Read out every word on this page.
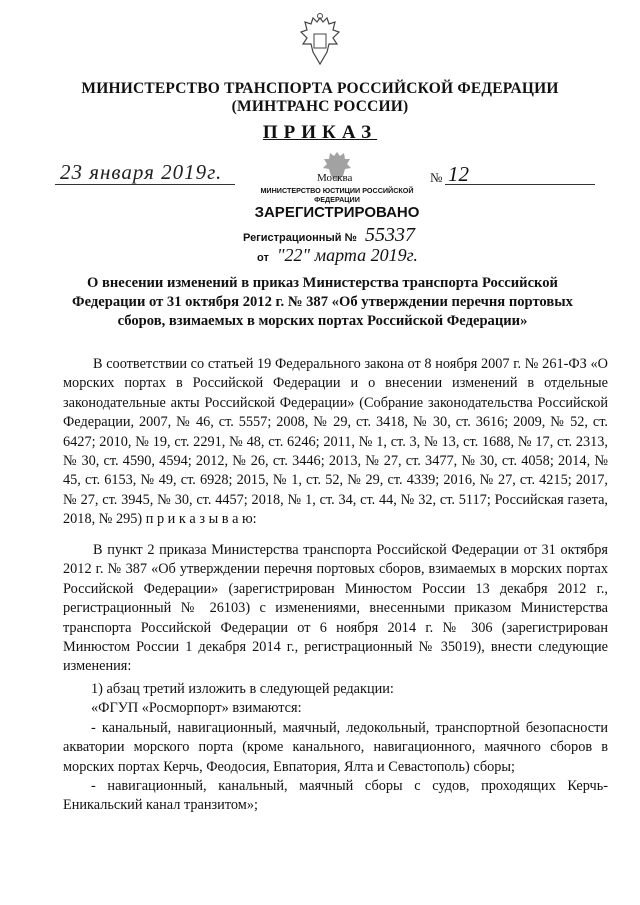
МИНИСТЕРСТВО ТРАНСПОРТА РОССИЙСКОЙ ФЕДЕРАЦИИ
(МИНТРАНС РОССИИ)
ПРИКАЗ
23 января 2019г.	№ 12
Москва
МИНИСТЕРСТВО ЮСТИЦИИ РОССИЙСКОЙ ФЕДЕРАЦИИ
ЗАРЕГИСТРИРОВАНО
Регистрационный № 55337
от "22" марта 2019г.
О внесении изменений в приказ Министерства транспорта Российской Федерации от 31 октября 2012 г. № 387 «Об утверждении перечня портовых сборов, взимаемых в морских портах Российской Федерации»
В соответствии со статьей 19 Федерального закона от 8 ноября 2007 г. № 261-ФЗ «О морских портах в Российской Федерации и о внесении изменений в отдельные законодательные акты Российской Федерации» (Собрание законодательства Российской Федерации, 2007, № 46, ст. 5557; 2008, № 29, ст. 3418, № 30, ст. 3616; 2009, № 52, ст. 6427; 2010, № 19, ст. 2291, № 48, ст. 6246; 2011, № 1, ст. 3, № 13, ст. 1688, № 17, ст. 2313, № 30, ст. 4590, 4594; 2012, № 26, ст. 3446; 2013, № 27, ст. 3477, № 30, ст. 4058; 2014, № 45, ст. 6153, № 49, ст. 6928; 2015, № 1, ст. 52, № 29, ст. 4339; 2016, № 27, ст. 4215; 2017, № 27, ст. 3945, № 30, ст. 4457; 2018, № 1, ст. 34, ст. 44, № 32, ст. 5117; Российская газета, 2018, № 295) п р и к а з ы в а ю:
В пункт 2 приказа Министерства транспорта Российской Федерации от 31 октября 2012 г. № 387 «Об утверждении перечня портовых сборов, взимаемых в морских портах Российской Федерации» (зарегистрирован Минюстом России 13 декабря 2012 г., регистрационный № 26103) с изменениями, внесенными приказом Министерства транспорта Российской Федерации от 6 ноября 2014 г. № 306 (зарегистрирован Минюстом России 1 декабря 2014 г., регистрационный № 35019), внести следующие изменения:
1) абзац третий изложить в следующей редакции:
«ФГУП «Росморпорт» взимаются:
- канальный, навигационный, маячный, ледокольный, транспортной безопасности акватории морского порта (кроме канального, навигационного, маячного сборов в морских портах Керчь, Феодосия, Евпатория, Ялта и Севастополь) сборы;
- навигационный, канальный, маячный сборы с судов, проходящих Керчь-Еникальский канал транзитом»;
